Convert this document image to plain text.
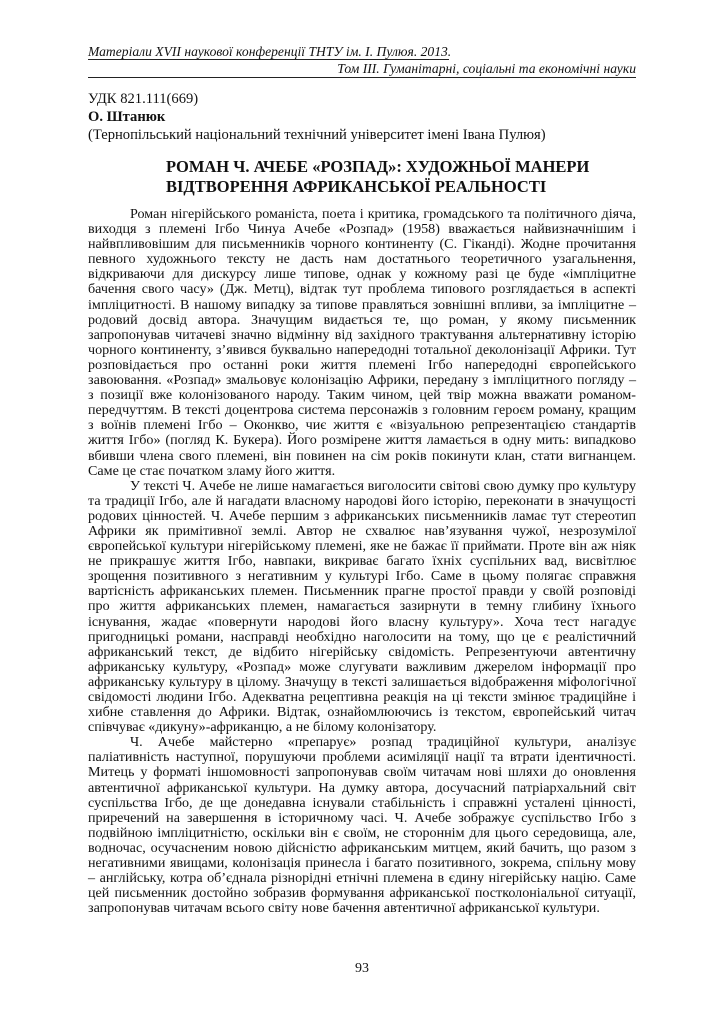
Матеріали XVII наукової конференції ТНТУ ім. І. Пулюя. 2013.
Том III. Гуманітарні, соціальні та економічні науки
УДК 821.111(669)
О. Штанюк
(Тернопільський національний технічний університет імені Івана Пулюя)
РОМАН Ч. АЧЕБЕ «РОЗПАД»: ХУДОЖНЬОЇ МАНЕРИ
ВІДТВОРЕННЯ АФРИКАНСЬКОЇ РЕАЛЬНОСТІ

Роман нігерійського романіста, поета і критика, громадського та політичного діяча, виходця з племені Ігбо Чинуа Ачебе «Розпад» (1958) вважається найвизначнішим і найвпливовішим для письменників чорного континенту (С. Гіканді). Жодне прочитання певного художнього тексту не дасть нам достатнього теоретичного узагальнення, відкриваючи для дискурсу лише типове, однак у кожному разі це буде «імпліцитне бачення свого часу» (Дж. Метц), відтак тут проблема типового розглядається в аспекті імпліцитності. В нашому випадку за типове правляться зовнішні впливи, за імпліцитне – родовий досвід автора. Значущим видається те, що роман, у якому письменник запропонував читачеві значно відмінну від західного трактування альтернативну історію чорного континенту, з’явився буквально напередодні тотальної деколонізації Африки. Тут розповідається про останні роки життя племені Ігбо напередодні європейського завоювання. «Розпад» змальовує колонізацію Африки, передану з імпліцитного погляду – з позиції вже колонізованого народу. Таким чином, цей твір можна вважати романом-передчуттям. В тексті доцентрова система персонажів з головним героєм роману, кращим з воїнів племені Ігбо – Оконкво, чиє життя є «візуальною репрезентацією стандартів життя Ігбо» (погляд К. Букера). Його розмірене життя ламається в одну мить: випадково вбивши члена свого племені, він повинен на сім років покинути клан, стати вигнанцем. Саме це стає початком зламу його життя.

У тексті Ч. Ачебе не лише намагається виголосити світові свою думку про культуру та традиції Ігбо, але й нагадати власному народові його історію, переконати в значущості родових цінностей. Ч. Ачебе першим з африканських письменників ламає тут стереотип Африки як примітивної землі. Автор не схвалює нав’язування чужої, незрозумілої європейської культури нігерійському племені, яке не бажає її приймати. Проте він аж ніяк не прикрашує життя Ігбо, навпаки, викриває багато їхніх суспільних вад, висвітлює зрощення позитивного з негативним у культурі Ігбо. Саме в цьому полягає справжня вартісність африканських племен. Письменник прагне простої правди у своїй розповіді про життя африканських племен, намагається зазирнути в темну глибину їхнього існування, жадає «повернути народові його власну культуру». Хоча тест нагадує пригодницькі романи, насправді необхідно наголосити на тому, що це є реалістичний африканський текст, де відбито нігерійську свідомість. Репрезентуючи автентичну африканську культуру, «Розпад» може слугувати важливим джерелом інформації про африканську культуру в цілому. Значущу в тексті залишається відображення міфологічної свідомості людини Ігбо. Адекватна рецептивна реакція на ці тексти змінює традиційне і хибне ставлення до Африки. Відтак, ознайомлюючись із текстом, європейський читач співчуває «дикуну»-африканцю, а не білому колонізатору.

Ч. Ачебе майстерно «препарує» розпад традиційної культури, аналізує паліативність наступної, порушуючи проблеми асиміляції нації та втрати ідентичності. Митець у форматі іншомовності запропонував своїм читачам нові шляхи до оновлення автентичної африканської культури. На думку автора, досучасний патріархальний світ суспільства Ігбо, де ще донедавна існували стабільність і справжні усталені цінності, приречений на завершення в історичному часі. Ч. Ачебе зображує суспільство Ігбо з подвійною імпліцитністю, оскільки він є своїм, не стороннім для цього середовища, але, водночас, осучасненим новою дійсністю африканським митцем, який бачить, що разом з негативними явищами, колонізація принесла і багато позитивного, зокрема, спільну мову – англійську, котра об’єднала різнорідні етнічні племена в єдину нігерійську націю. Саме цей письменник достойно зобразив формування африканської постколоніальної ситуації, запропонував читачам всього світу нове бачення автентичної африканської культури.

93
